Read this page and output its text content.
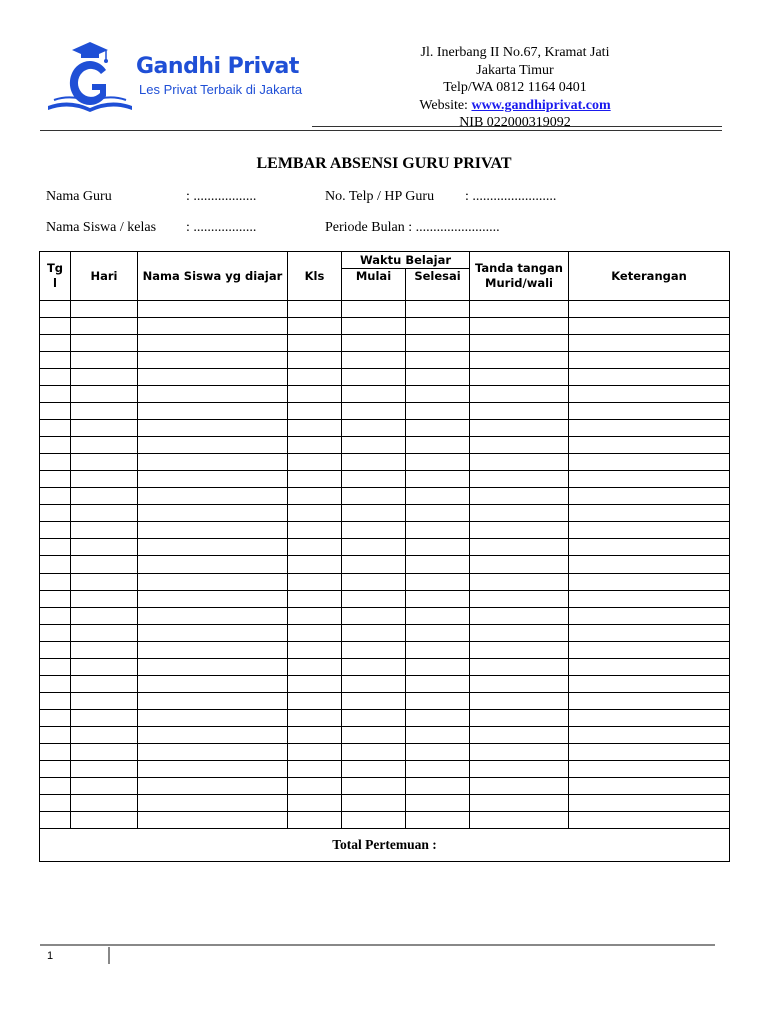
Gandhi Privat
Les Privat Terbaik di Jakarta
Jl. Inerbang II No.67, Kramat Jati
Jakarta Timur
Telp/WA 0812 1164 0401
Website: www.gandhiprivat.com
NIB 022000319092
LEMBAR ABSENSI GURU PRIVAT
Nama Guru	: ..................	No. Telp / HP Guru : ........................
Nama Siswa / kelas : ..................	Periode Bulan : ........................
Tg l	Hari	Nama Siswa yg diajar	Kls	Waktu Belajar		Tanda tangan Murid/wali	Keterangan
				Mulai	Selesai		

Total Pertemuan :							
1
